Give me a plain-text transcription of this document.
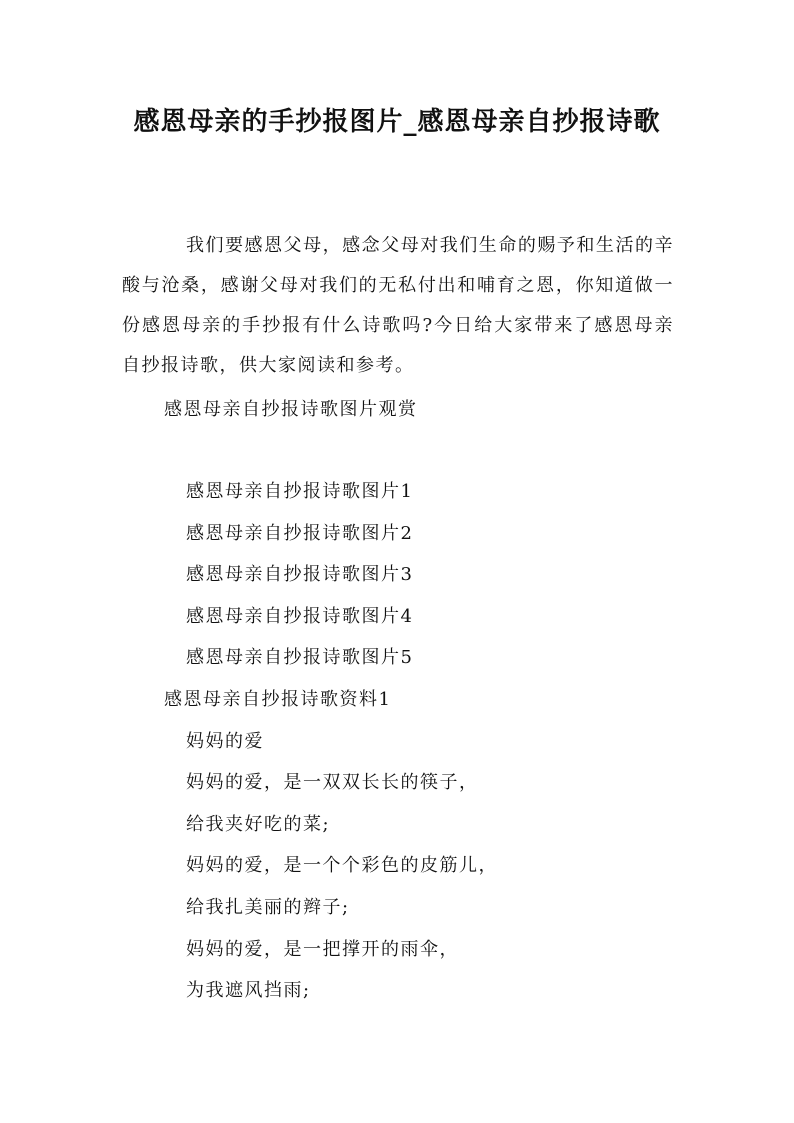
感恩母亲的手抄报图片_感恩母亲自抄报诗歌

我们要感恩父母，感念父母对我们生命的赐予和生活的辛酸与沧桑，感谢父母对我们的无私付出和哺育之恩，你知道做一份感恩母亲的手抄报有什么诗歌吗?今日给大家带来了感恩母亲自抄报诗歌，供大家阅读和参考。

感恩母亲自抄报诗歌图片观赏
感恩母亲自抄报诗歌图片1
感恩母亲自抄报诗歌图片2
感恩母亲自抄报诗歌图片3
感恩母亲自抄报诗歌图片4
感恩母亲自抄报诗歌图片5
感恩母亲自抄报诗歌资料1
妈妈的爱
妈妈的爱，是一双双长长的筷子，
给我夹好吃的菜;
妈妈的爱，是一个个彩色的皮筋儿，
给我扎美丽的辫子;
妈妈的爱，是一把撑开的雨伞，
为我遮风挡雨;
